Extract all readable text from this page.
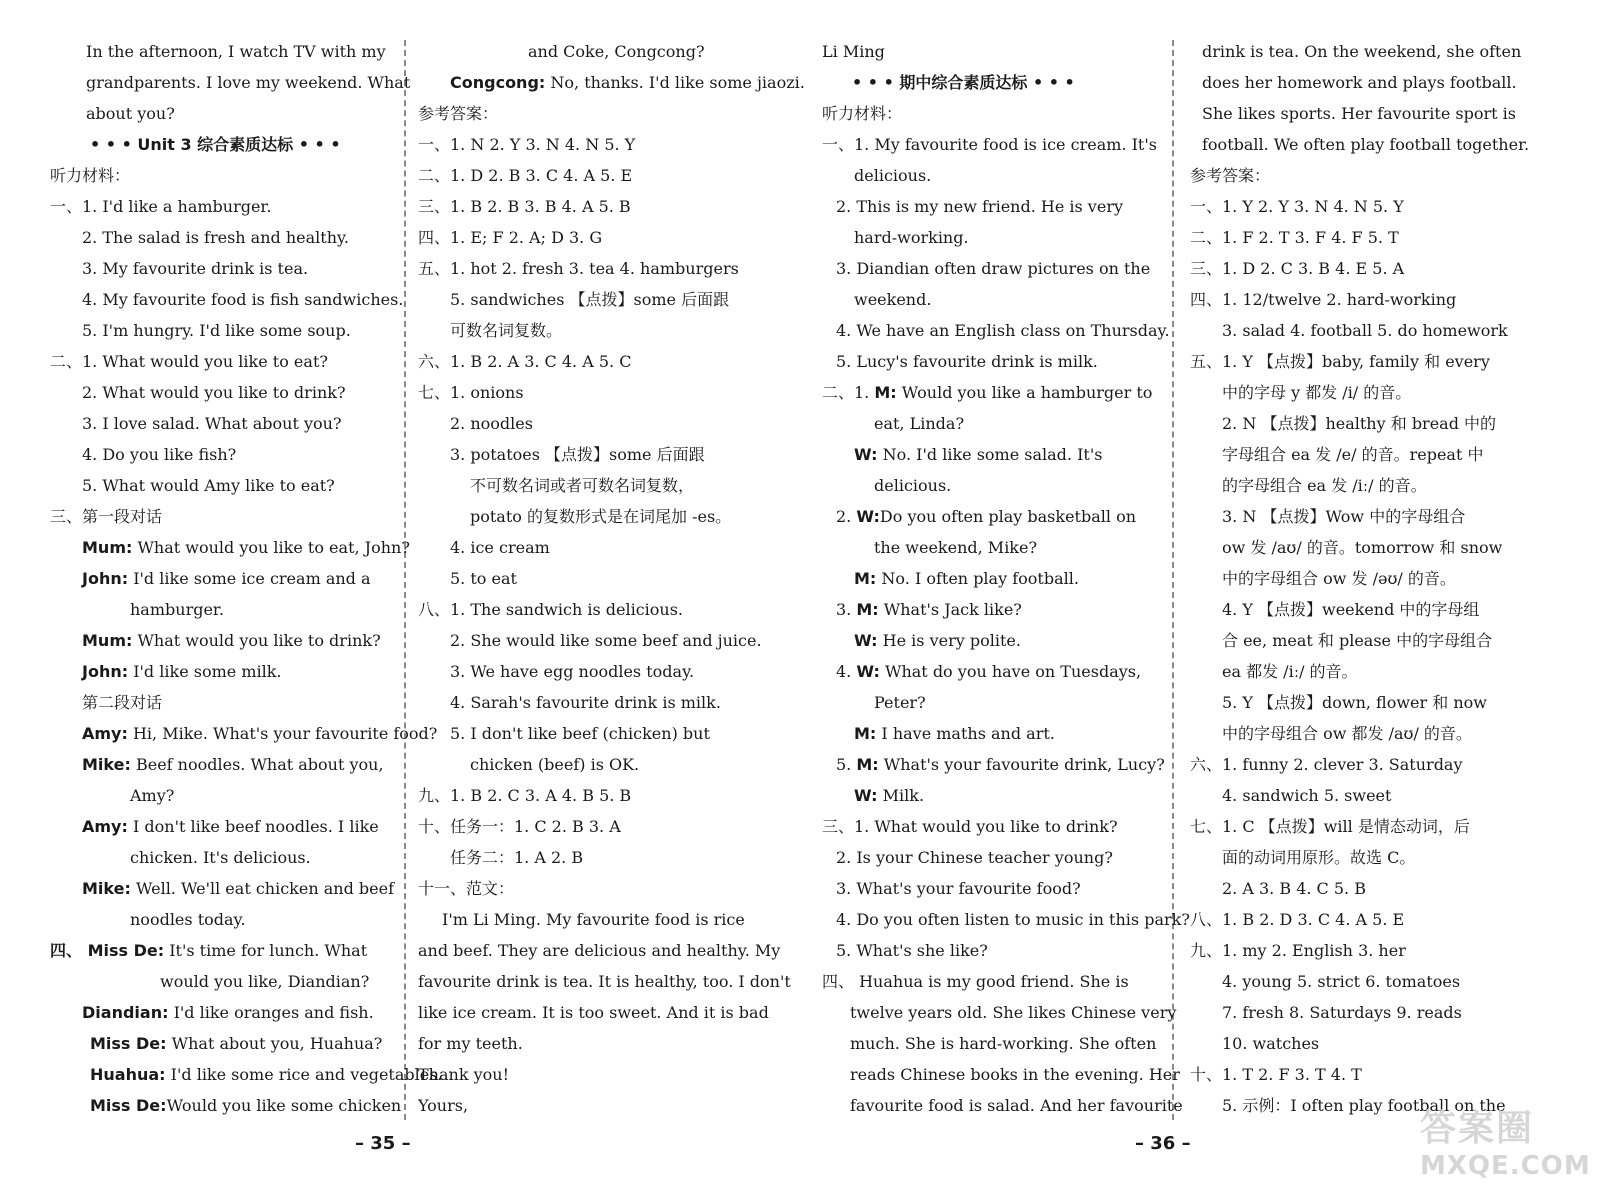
In the afternoon, I watch TV with my
grandparents. I love my weekend. What
about you?
• • • Unit 3 综合素质达标 • • •
听力材料：
一、1. I'd like a hamburger.
2. The salad is fresh and healthy.
3. My favourite drink is tea.
4. My favourite food is fish sandwiches.
5. I'm hungry. I'd like some soup.
二、1. What would you like to eat?
2. What would you like to drink?
3. I love salad. What about you?
4. Do you like fish?
5. What would Amy like to eat?
三、第一段对话
Mum: What would you like to eat, John?
John: I'd like some ice cream and a
hamburger.
Mum: What would you like to drink?
John: I'd like some milk.
第二段对话
Amy: Hi, Mike. What's your favourite food?
Mike: Beef noodles. What about you,
Amy?
Amy: I don't like beef noodles. I like
chicken. It's delicious.
Mike: Well. We'll eat chicken and beef
noodles today.
四、 Miss De: It's time for lunch. What
would you like, Diandian?
Diandian: I'd like oranges and fish.
Miss De: What about you, Huahua?
Huahua: I'd like some rice and vegetables.
Miss De:Would you like some chicken
and Coke, Congcong?
Congcong: No, thanks. I'd like some jiaozi.
参考答案：
一、1. N 2. Y 3. N 4. N 5. Y
二、1. D 2. B 3. C 4. A 5. E
三、1. B 2. B 3. B 4. A 5. B
四、1. E; F 2. A; D 3. G
五、1. hot 2. fresh 3. tea 4. hamburgers
5. sandwiches 【点拨】some 后面跟
可数名词复数。
六、1. B 2. A 3. C 4. A 5. C
七、1. onions
2. noodles
3. potatoes 【点拨】some 后面跟
不可数名词或者可数名词复数，
potato 的复数形式是在词尾加 -es。
4. ice cream
5. to eat
八、1. The sandwich is delicious.
2. She would like some beef and juice.
3. We have egg noodles today.
4. Sarah's favourite drink is milk.
5. I don't like beef (chicken) but
chicken (beef) is OK.
九、1. B 2. C 3. A 4. B 5. B
十、任务一：1. C 2. B 3. A
任务二：1. A 2. B
十一、范文：
I'm Li Ming. My favourite food is rice
and beef. They are delicious and healthy. My
favourite drink is tea. It is healthy, too. I don't
like ice cream. It is too sweet. And it is bad
for my teeth.
Thank you!
Yours,
Li Ming
• • • 期中综合素质达标 • • •
听力材料：
一、1. My favourite food is ice cream. It's
delicious.
2. This is my new friend. He is very
hard-working.
3. Diandian often draw pictures on the
weekend.
4. We have an English class on Thursday.
5. Lucy's favourite drink is milk.
二、1. M: Would you like a hamburger to
eat, Linda?
W: No. I'd like some salad. It's
delicious.
2. W:Do you often play basketball on
the weekend, Mike?
M: No. I often play football.
3. M: What's Jack like?
W: He is very polite.
4. W: What do you have on Tuesdays,
Peter?
M: I have maths and art.
5. M: What's your favourite drink, Lucy?
W: Milk.
三、1. What would you like to drink?
2. Is your Chinese teacher young?
3. What's your favourite food?
4. Do you often listen to music in this park?
5. What's she like?
四、 Huahua is my good friend. She is
twelve years old. She likes Chinese very
much. She is hard-working. She often
reads Chinese books in the evening. Her
favourite food is salad. And her favourite
drink is tea. On the weekend, she often
does her homework and plays football.
She likes sports. Her favourite sport is
football. We often play football together.
参考答案：
一、1. Y 2. Y 3. N 4. N 5. Y
二、1. F 2. T 3. F 4. F 5. T
三、1. D 2. C 3. B 4. E 5. A
四、1. 12/twelve 2. hard-working
3. salad 4. football 5. do homework
五、1. Y 【点拨】baby, family 和 every
中的字母 y 都发 /i/ 的音。
2. N 【点拨】healthy 和 bread 中的
字母组合 ea 发 /e/ 的音。repeat 中
的字母组合 ea 发 /iː/ 的音。
3. N 【点拨】Wow 中的字母组合
ow 发 /aʊ/ 的音。tomorrow 和 snow
中的字母组合 ow 发 /əʊ/ 的音。
4. Y 【点拨】weekend 中的字母组
合 ee, meat 和 please 中的字母组合
ea 都发 /iː/ 的音。
5. Y 【点拨】down, flower 和 now
中的字母组合 ow 都发 /aʊ/ 的音。
六、1. funny 2. clever 3. Saturday
4. sandwich 5. sweet
七、1. C 【点拨】will 是情态动词，后
面的动词用原形。故选 C。
2. A 3. B 4. C 5. B
八、1. B 2. D 3. C 4. A 5. E
九、1. my 2. English 3. her
4. young 5. strict 6. tomatoes
7. fresh 8. Saturdays 9. reads
10. watches
十、1. T 2. F 3. T 4. T
5. 示例：I often play football on the
– 35 –	– 36 –	答案圈
MXQE.COM
